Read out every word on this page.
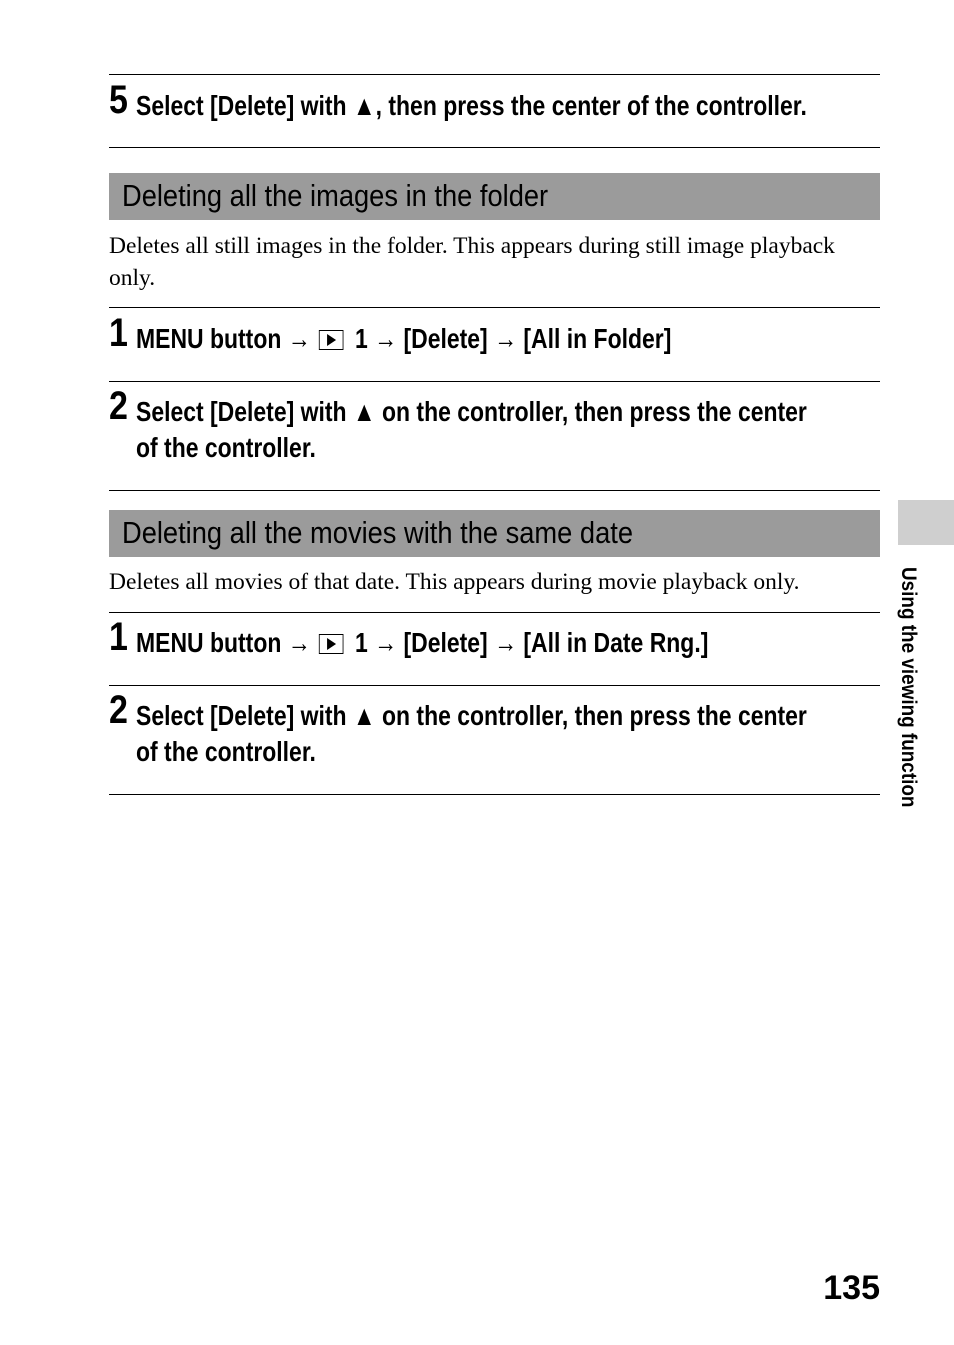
5 Select [Delete] with ▲, then press the center of the controller.
Deleting all the images in the folder
Deletes all still images in the folder. This appears during still image playback only.
1 MENU button → 1 → [Delete] → [All in Folder]
2 Select [Delete] with ▲ on the controller, then press the center
of the controller.
Deleting all the movies with the same date
Deletes all movies of that date. This appears during movie playback only.
1 MENU button → 1 → [Delete] → [All in Date Rng.]
2 Select [Delete] with ▲ on the controller, then press the center
of the controller.	Using the viewing function
135
